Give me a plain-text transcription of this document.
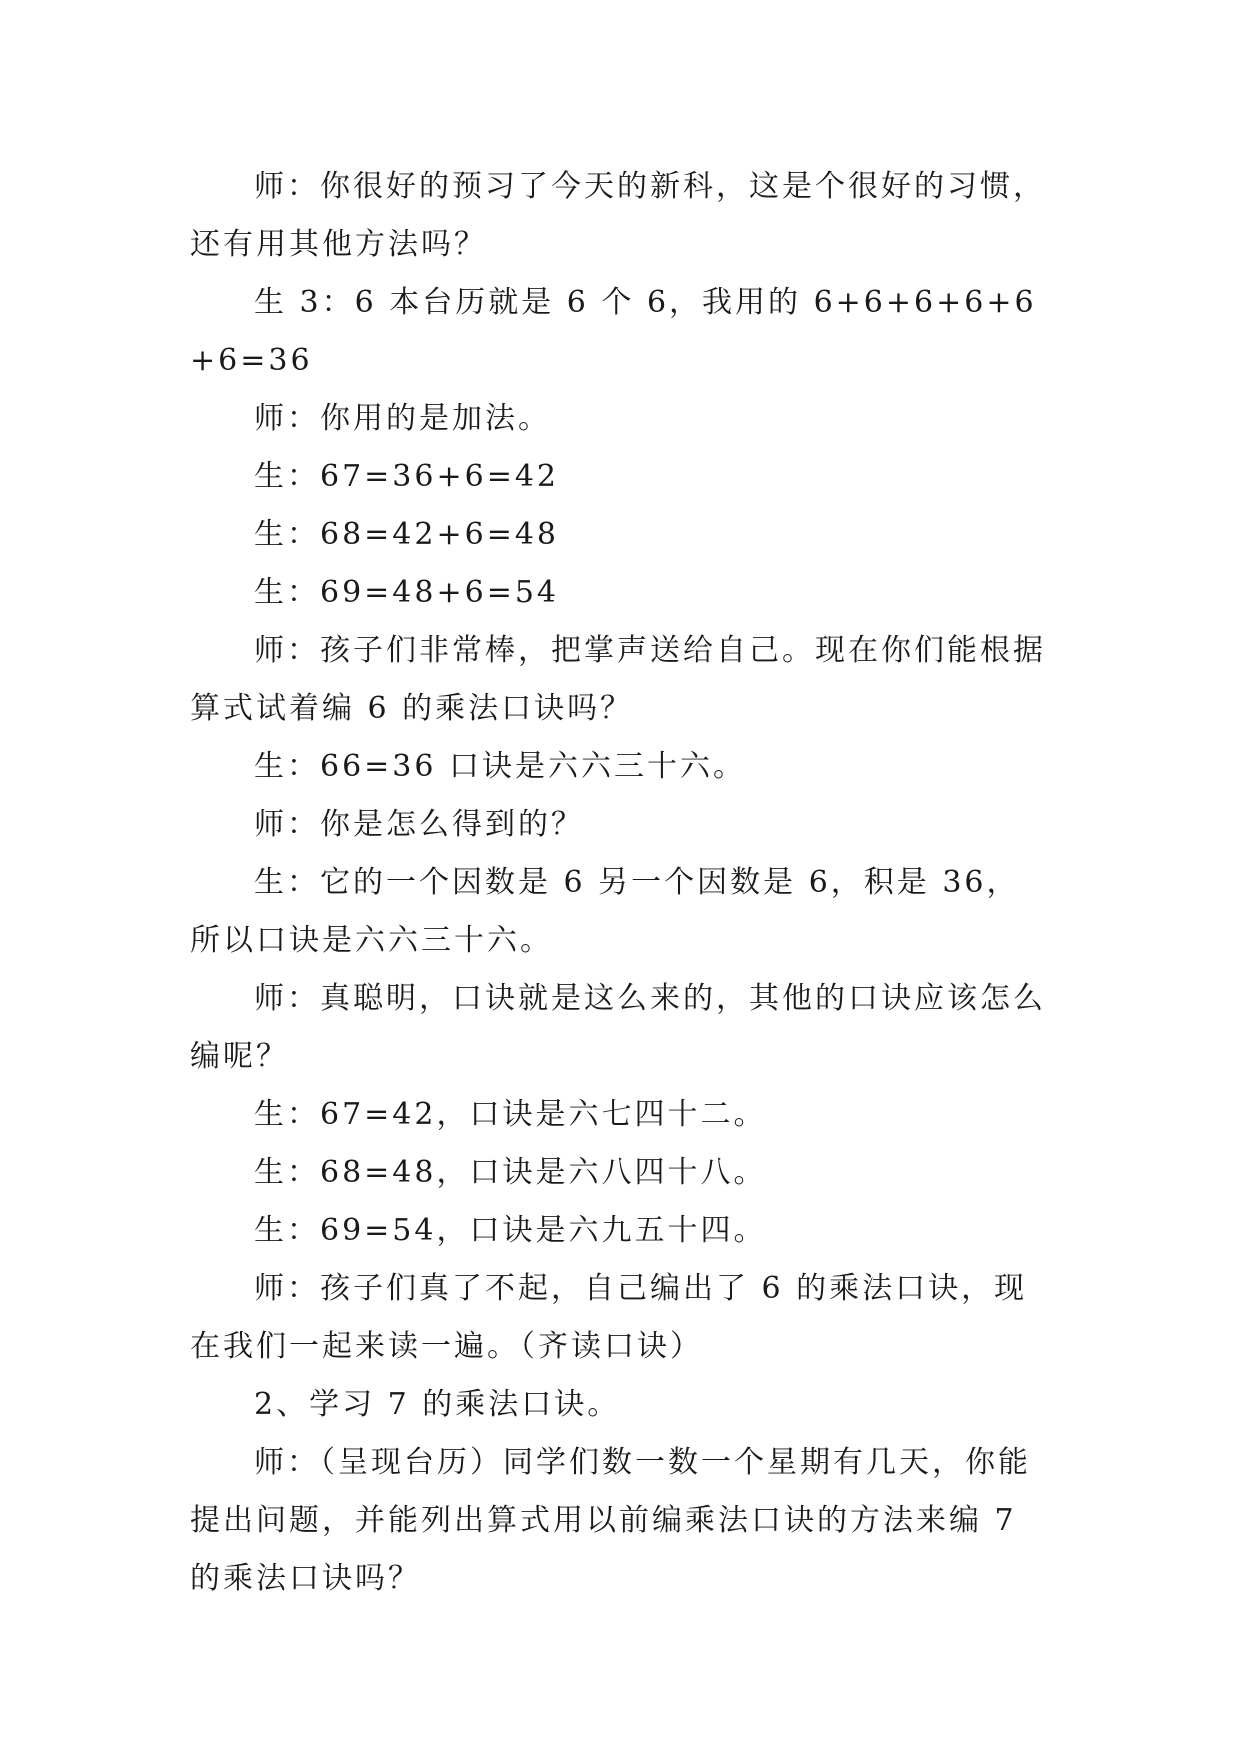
师：你很好的预习了今天的新科，这是个很好的习惯，还有用其他方法吗？

生 3：6 本台历就是 6 个 6，我用的 6+6+6+6+6+6=36

师：你用的是加法。

生：67=36+6=42

生：68=42+6=48

生：69=48+6=54

师：孩子们非常棒，把掌声送给自己。现在你们能根据算式试着编 6 的乘法口诀吗？

生：66=36 口诀是六六三十六。

师：你是怎么得到的？

生：它的一个因数是 6 另一个因数是 6，积是 36，所以口诀是六六三十六。

师：真聪明，口诀就是这么来的，其他的口诀应该怎么编呢？

生：67=42，口诀是六七四十二。

生：68=48，口诀是六八四十八。

生：69=54，口诀是六九五十四。

师：孩子们真了不起，自己编出了 6 的乘法口诀，现在我们一起来读一遍。（齐读口诀）

2、学习 7 的乘法口诀。

师：（呈现台历）同学们数一数一个星期有几天，你能提出问题，并能列出算式用以前编乘法口诀的方法来编 7 的乘法口诀吗？
